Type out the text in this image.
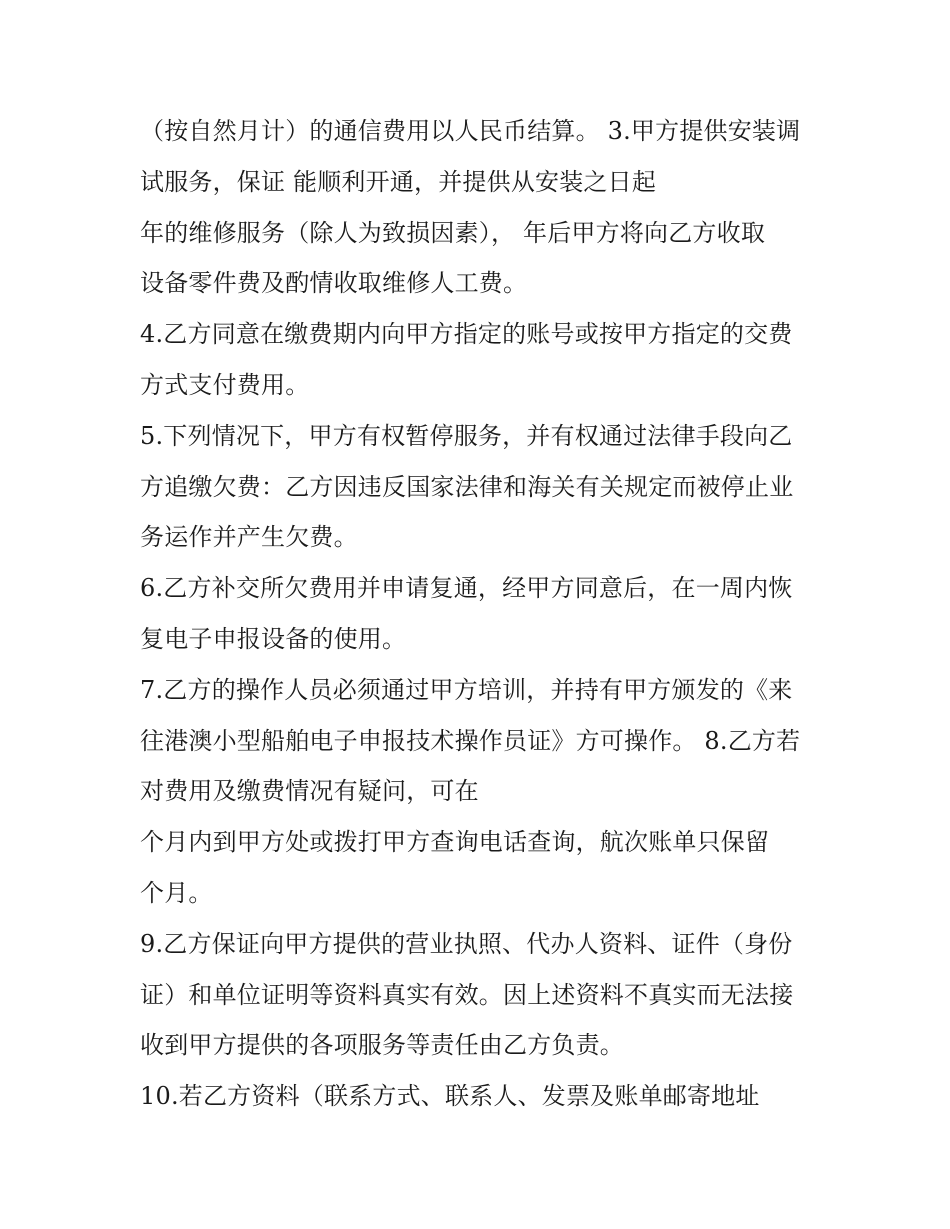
（按自然月计）的通信费用以人民币结算。 3.甲方提供安装调
试服务，保证 能顺利开通，并提供从安装之日起
年的维修服务（除人为致损因素）， 年后甲方将向乙方收取
设备零件费及酌情收取维修人工费。
4.乙方同意在缴费期内向甲方指定的账号或按甲方指定的交费
方式支付费用。
5.下列情况下，甲方有权暂停服务，并有权通过法律手段向乙
方追缴欠费：乙方因违反国家法律和海关有关规定而被停止业
务运作并产生欠费。
6.乙方补交所欠费用并申请复通，经甲方同意后，在一周内恢
复电子申报设备的使用。
7.乙方的操作人员必须通过甲方培训，并持有甲方颁发的《来
往港澳小型船舶电子申报技术操作员证》方可操作。 8.乙方若
对费用及缴费情况有疑问，可在
个月内到甲方处或拨打甲方查询电话查询，航次账单只保留
个月。
9.乙方保证向甲方提供的营业执照、代办人资料、证件（身份
证）和单位证明等资料真实有效。因上述资料不真实而无法接
收到甲方提供的各项服务等责任由乙方负责。
10.若乙方资料（联系方式、联系人、发票及账单邮寄地址
